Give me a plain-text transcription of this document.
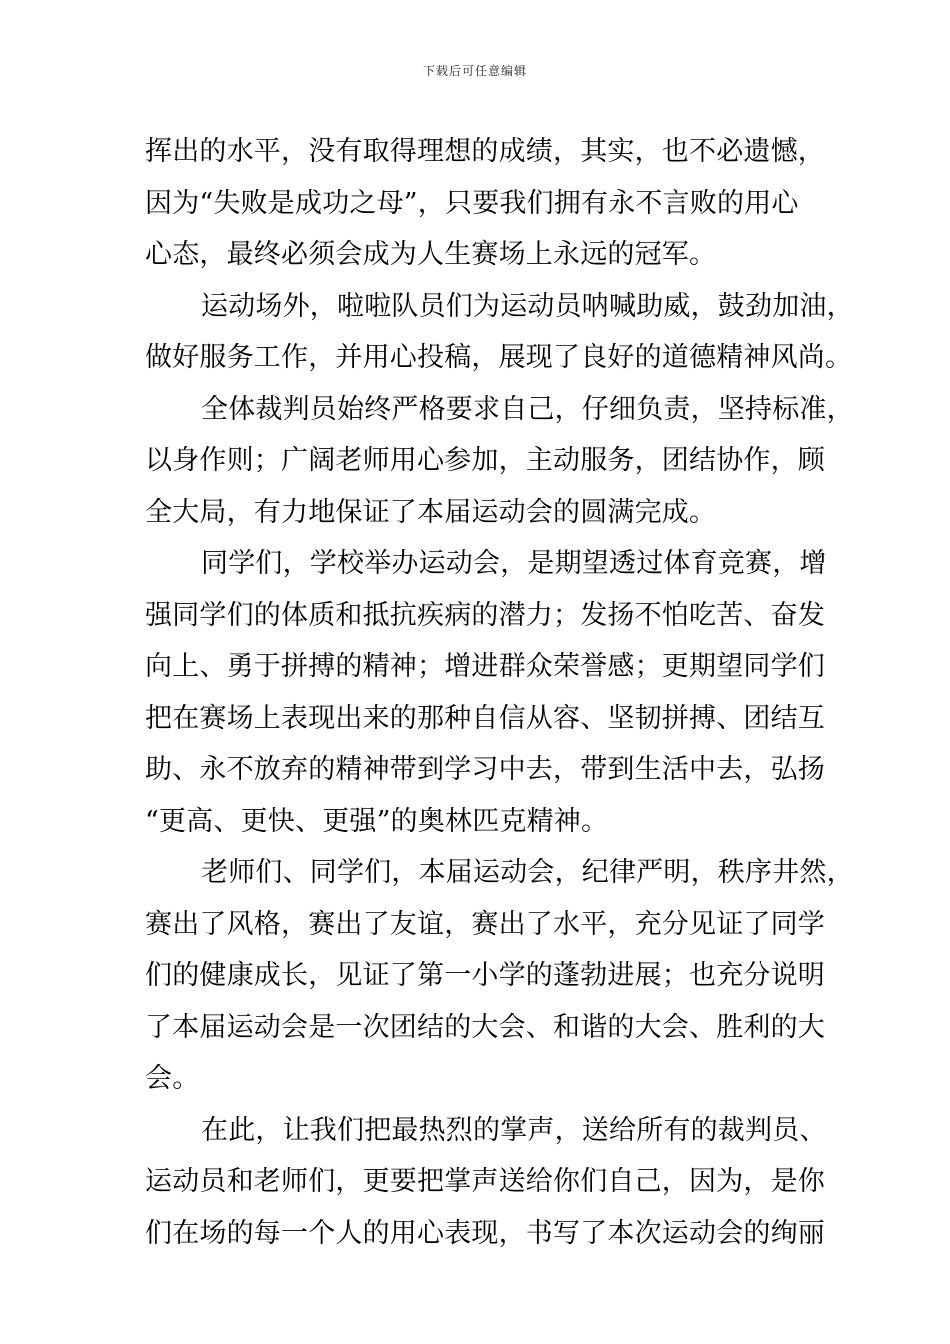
下载后可任意编辑
挥出的水平，没有取得理想的成绩，其实，也不必遗憾，
因为“失败是成功之母”，只要我们拥有永不言败的用心
心态，最终必须会成为人生赛场上永远的冠军。
运动场外，啦啦队员们为运动员呐喊助威，鼓劲加油，
做好服务工作，并用心投稿，展现了良好的道德精神风尚。
全体裁判员始终严格要求自己，仔细负责，坚持标准，
以身作则；广阔老师用心参加，主动服务，团结协作，顾
全大局，有力地保证了本届运动会的圆满完成。
同学们，学校举办运动会，是期望透过体育竞赛，增
强同学们的体质和抵抗疾病的潜力；发扬不怕吃苦、奋发
向上、勇于拼搏的精神；增进群众荣誉感；更期望同学们
把在赛场上表现出来的那种自信从容、坚韧拼搏、团结互
助、永不放弃的精神带到学习中去，带到生活中去，弘扬
“更高、更快、更强”的奥林匹克精神。
老师们、同学们，本届运动会，纪律严明，秩序井然，
赛出了风格，赛出了友谊，赛出了水平，充分见证了同学
们的健康成长，见证了第一小学的蓬勃进展；也充分说明
了本届运动会是一次团结的大会、和谐的大会、胜利的大
会。
在此，让我们把最热烈的掌声，送给所有的裁判员、
运动员和老师们，更要把掌声送给你们自己，因为，是你
们在场的每一个人的用心表现，书写了本次运动会的绚丽
